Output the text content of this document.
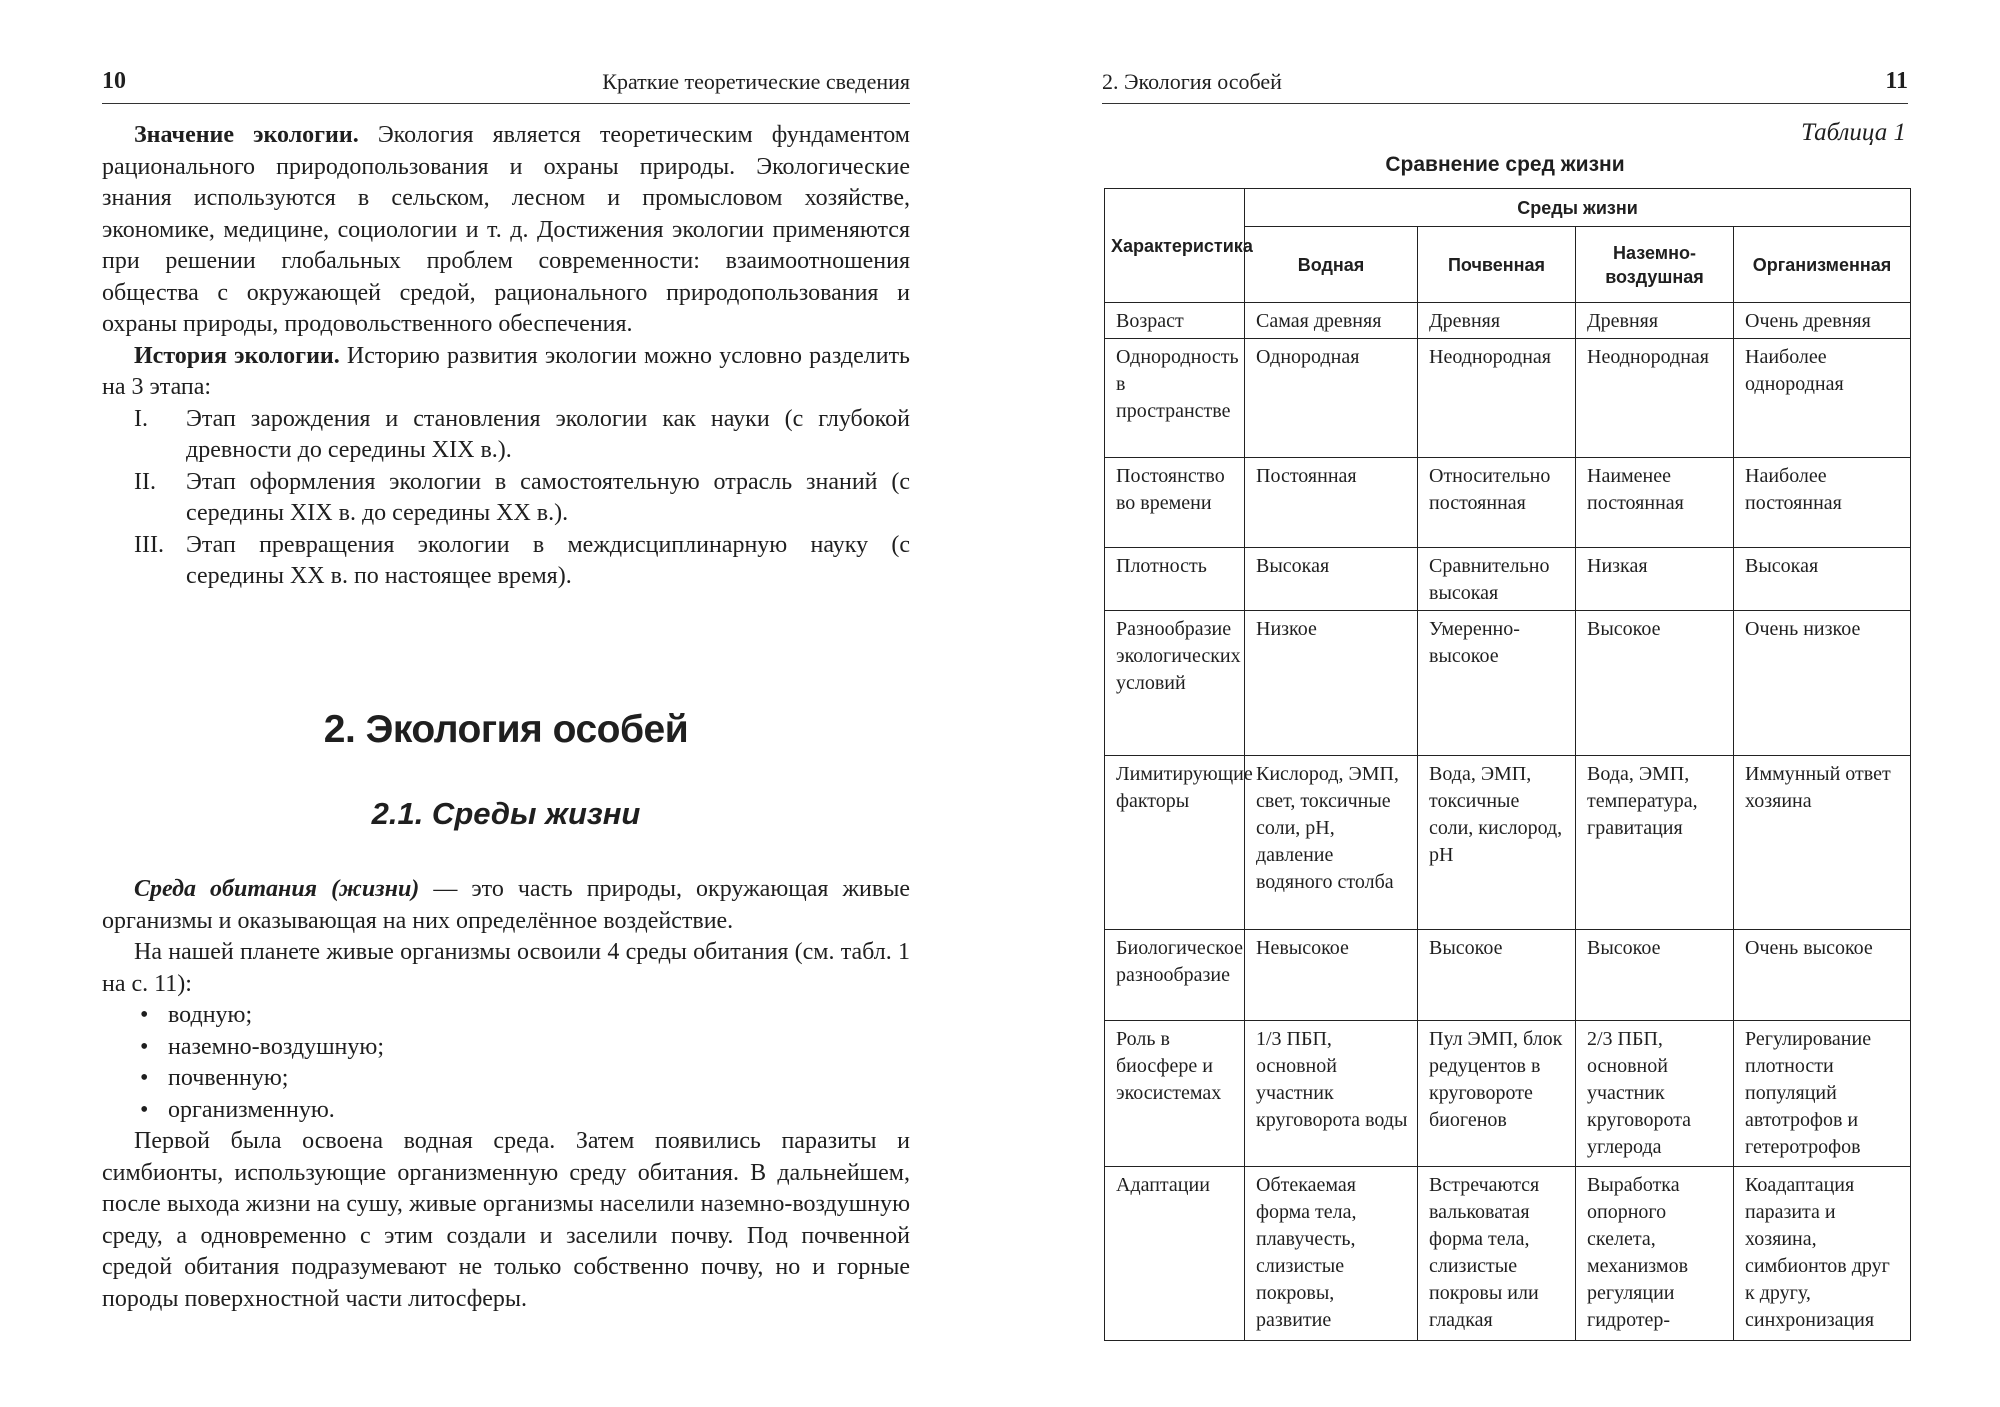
10	Краткие теоретические сведения

Значение экологии. Экология является теоретическим фундаментом рационального природопользования и охраны природы. Экологические знания используются в сельском, лесном и промысловом хозяйстве, экономике, медицине, социологии и т. д. Достижения экологии применяются при решении глобальных проблем современности: взаимоотношения общества с окружающей средой, рационального природопользования и охраны природы, продовольственного обеспечения.

История экологии. Историю развития экологии можно условно разделить на 3 этапа:

I. Этап зарождения и становления экологии как науки (с глубокой древности до середины XIX в.).
II. Этап оформления экологии в самостоятельную отрасль знаний (с середины XIX в. до середины XX в.).
III. Этап превращения экологии в междисциплинарную науку (с середины XX в. по настоящее время).
2. Экология особей
2.1. Среды жизни

Среда обитания (жизни) — это часть природы, окружающая живые организмы и оказывающая на них определённое воздействие.

На нашей планете живые организмы освоили 4 среды обитания (см. табл. 1 на с. 11):

• водную;
• наземно-воздушную;
• почвенную;
• организменную.

Первой была освоена водная среда. Затем появились паразиты и симбионты, использующие организменную среду обитания. В дальнейшем, после выхода жизни на сушу, живые организмы населили наземно-воздушную среду, а одновременно с этим создали и заселили почву. Под почвенной средой обитания подразумевают не только собственно почву, но и горные породы поверхностной части литосферы.

2. Экология особей	11
Таблица 1
Сравнение сред жизни
Характеристика	Среды жизни			
	Водная	Почвенная	Наземно-воздушная	Организменная
Возраст	Самая древняя	Древняя	Древняя	Очень древняя
Однородность в пространстве	Однородная	Неоднородная	Неоднородная	Наиболее однородная
Постоянство во времени	Постоянная	Относительно постоянная	Наименее постоянная	Наиболее постоянная
Плотность	Высокая	Сравнительно высокая	Низкая	Высокая
Разнообразие экологических условий	Низкое	Умеренно-высокое	Высокое	Очень низкое
Лимитирующие факторы	Кислород, ЭМП, свет, токсичные соли, pH, давление водяного столба	Вода, ЭМП, токсичные соли, кислород, pH	Вода, ЭМП, температура, гравитация	Иммунный ответ хозяина
Биологическое разнообразие	Невысокое	Высокое	Высокое	Очень высокое
Роль в биосфере и экосистемах	1/3 ПБП, основной участник круговорота воды	Пул ЭМП, блок редуцентов в круговороте биогенов	2/3 ПБП, основной участник круговорота углерода	Регулирование плотности популяций автотрофов и гетеротрофов
Адаптации	Обтекаемая форма тела, плавучесть, слизистые покровы, развитие	Встречаются вальковатая форма тела, слизистые покровы или гладкая	Выработка опорного скелета, механизмов регуляции гидротер-	Коадаптация паразита и хозяина, симбионтов друг к другу, синхронизация
